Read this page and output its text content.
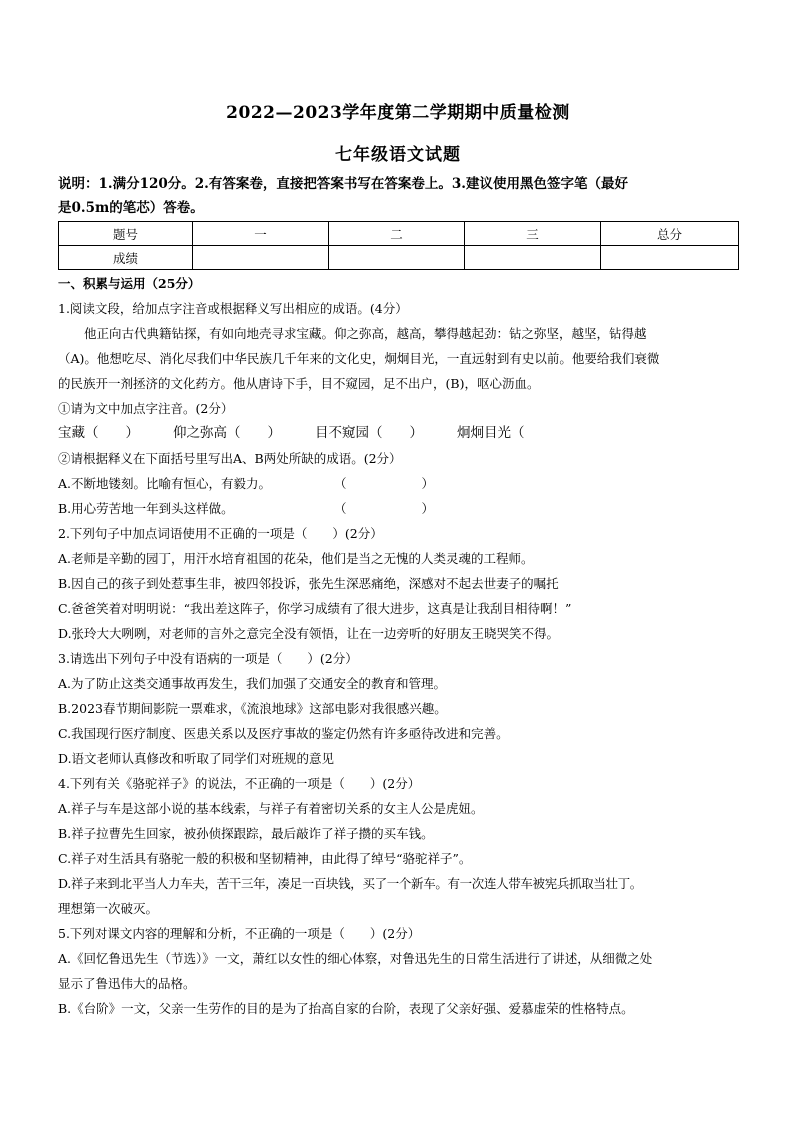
2022—2023学年度第二学期期中质量检测
七年级语文试题
说明：1.满分120分。2.有答案卷，直接把答案书写在答案卷上。3.建议使用黑色签字笔（最好
是0.5m的笔芯）答卷。
题号	一	二	三	总分
成绩				
一、积累与运用（25分）
1.阅读文段，给加点字注音或根据释义写出相应的成语。(4分）
他正向古代典籍钻探，有如向地壳寻求宝藏。仰之弥高，越高，攀得越起劲：钻之弥坚，越坚，钻得越
（A)。他想吃尽、消化尽我们中华民族几千年来的文化史，炯炯目光，一直远射到有史以前。他要给我们衰微
的民族开一剂拯济的文化药方。他从唐诗下手，目不窥园，足不出户，(B)，呕心沥血。
①请为文中加点字注音。(2分）
宝藏（　　）	仰之弥高（　　）	目不窥园（　　）	炯炯目光（
②请根据释义在下面括号里写出A、B两处所缺的成语。(2分）
A.不断地镂刻。比喻有恒心，有毅力。	（　　　　　　）
B.用心劳苦地一年到头这样做。	（　　　　　　）
2.下列句子中加点词语使用不正确的一项是（　　）(2分）
A.老师是辛勤的园丁，用汗水培育祖国的花朵，他们是当之无愧的人类灵魂的工程师。
B.因自己的孩子到处惹事生非，被四邻投诉，张先生深恶痛绝，深感对不起去世妻子的嘱托
C.爸爸笑着对明明说：“我出差这阵子，你学习成绩有了很大进步，这真是让我刮目相待啊！”
D.张玲大大咧咧，对老师的言外之意完全没有领悟，让在一边旁听的好朋友王晓哭笑不得。
3.请选出下列句子中没有语病的一项是（　　）(2分）
A.为了防止这类交通事故再发生，我们加强了交通安全的教育和管理。
B.2023春节期间影院一票难求，《流浪地球》这部电影对我很感兴趣。
C.我国现行医疗制度、医患关系以及医疗事故的鉴定仍然有许多亟待改进和完善。
D.语文老师认真修改和听取了同学们对班规的意见
4.下列有关《骆驼祥子》的说法，不正确的一项是（　　）(2分）
A.祥子与车是这部小说的基本线索，与祥子有着密切关系的女主人公是虎妞。
B.祥子拉曹先生回家，被孙侦探跟踪，最后敲诈了祥子攒的买车钱。
C.祥子对生活具有骆驼一般的积极和坚韧精神，由此得了绰号“骆驼祥子”。
D.祥子来到北平当人力车夫，苦干三年，凑足一百块钱，买了一个新车。有一次连人带车被宪兵抓取当壮丁。
理想第一次破灭。
5.下列对课文内容的理解和分析，不正确的一项是（　　）(2分）
A.《回忆鲁迅先生（节选）》一文，萧红以女性的细心体察，对鲁迅先生的日常生活进行了讲述，从细微之处
显示了鲁迅伟大的品格。
B.《台阶》一文，父亲一生劳作的目的是为了抬高自家的台阶，表现了父亲好强、爱慕虚荣的性格特点。
